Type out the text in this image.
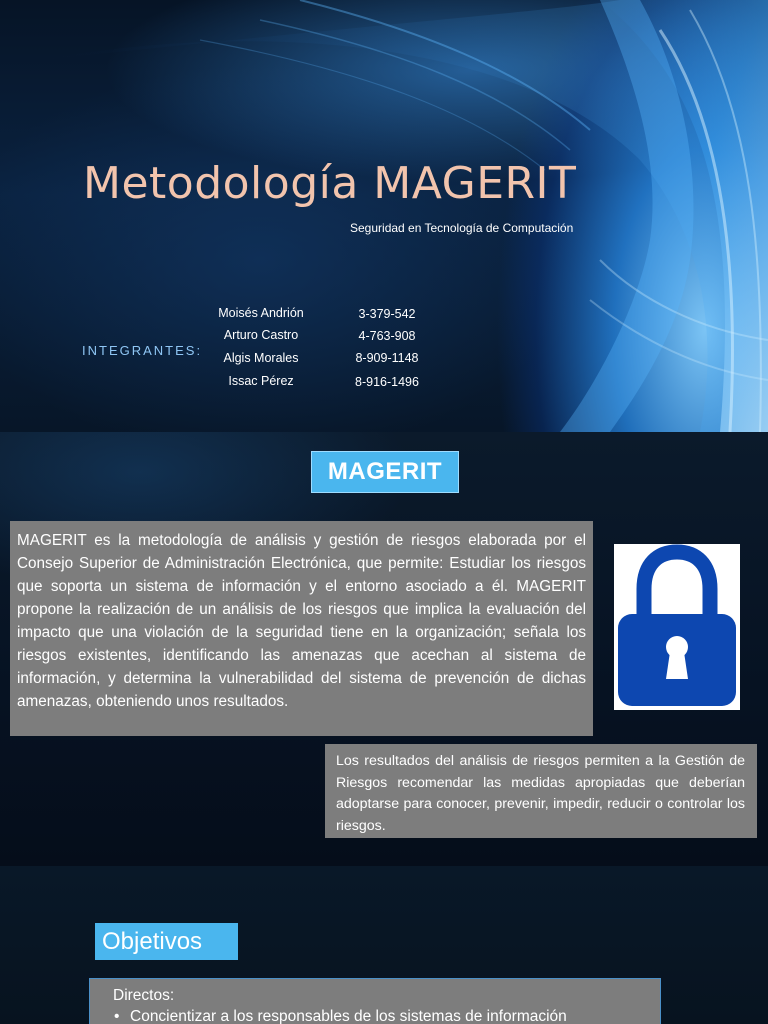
Metodología MAGERIT
Seguridad en Tecnología de Computación
INTEGRANTES:
Moisés Andrión	3-379-542
Arturo Castro	4-763-908
Algis Morales	8-909-1148
Issac Pérez	8-916-1496
MAGERIT
MAGERIT es la metodología de análisis y gestión de riesgos elaborada por el Consejo Superior de Administración Electrónica, que permite: Estudiar los riesgos que soporta un sistema de información y el entorno asociado a él. MAGERIT propone la realización de un análisis de los riesgos que implica la evaluación del impacto que una violación de la seguridad tiene en la organización; señala los riesgos existentes, identificando las amenazas que acechan al sistema de información, y determina la vulnerabilidad del sistema de prevención de dichas amenazas, obteniendo unos resultados.
Los resultados del análisis de riesgos permiten a la Gestión de Riesgos recomendar las medidas apropiadas que deberían adoptarse para conocer, prevenir, impedir, reducir o controlar los riesgos.
Objetivos
Directos:
• Concientizar a los responsables de los sistemas de información
